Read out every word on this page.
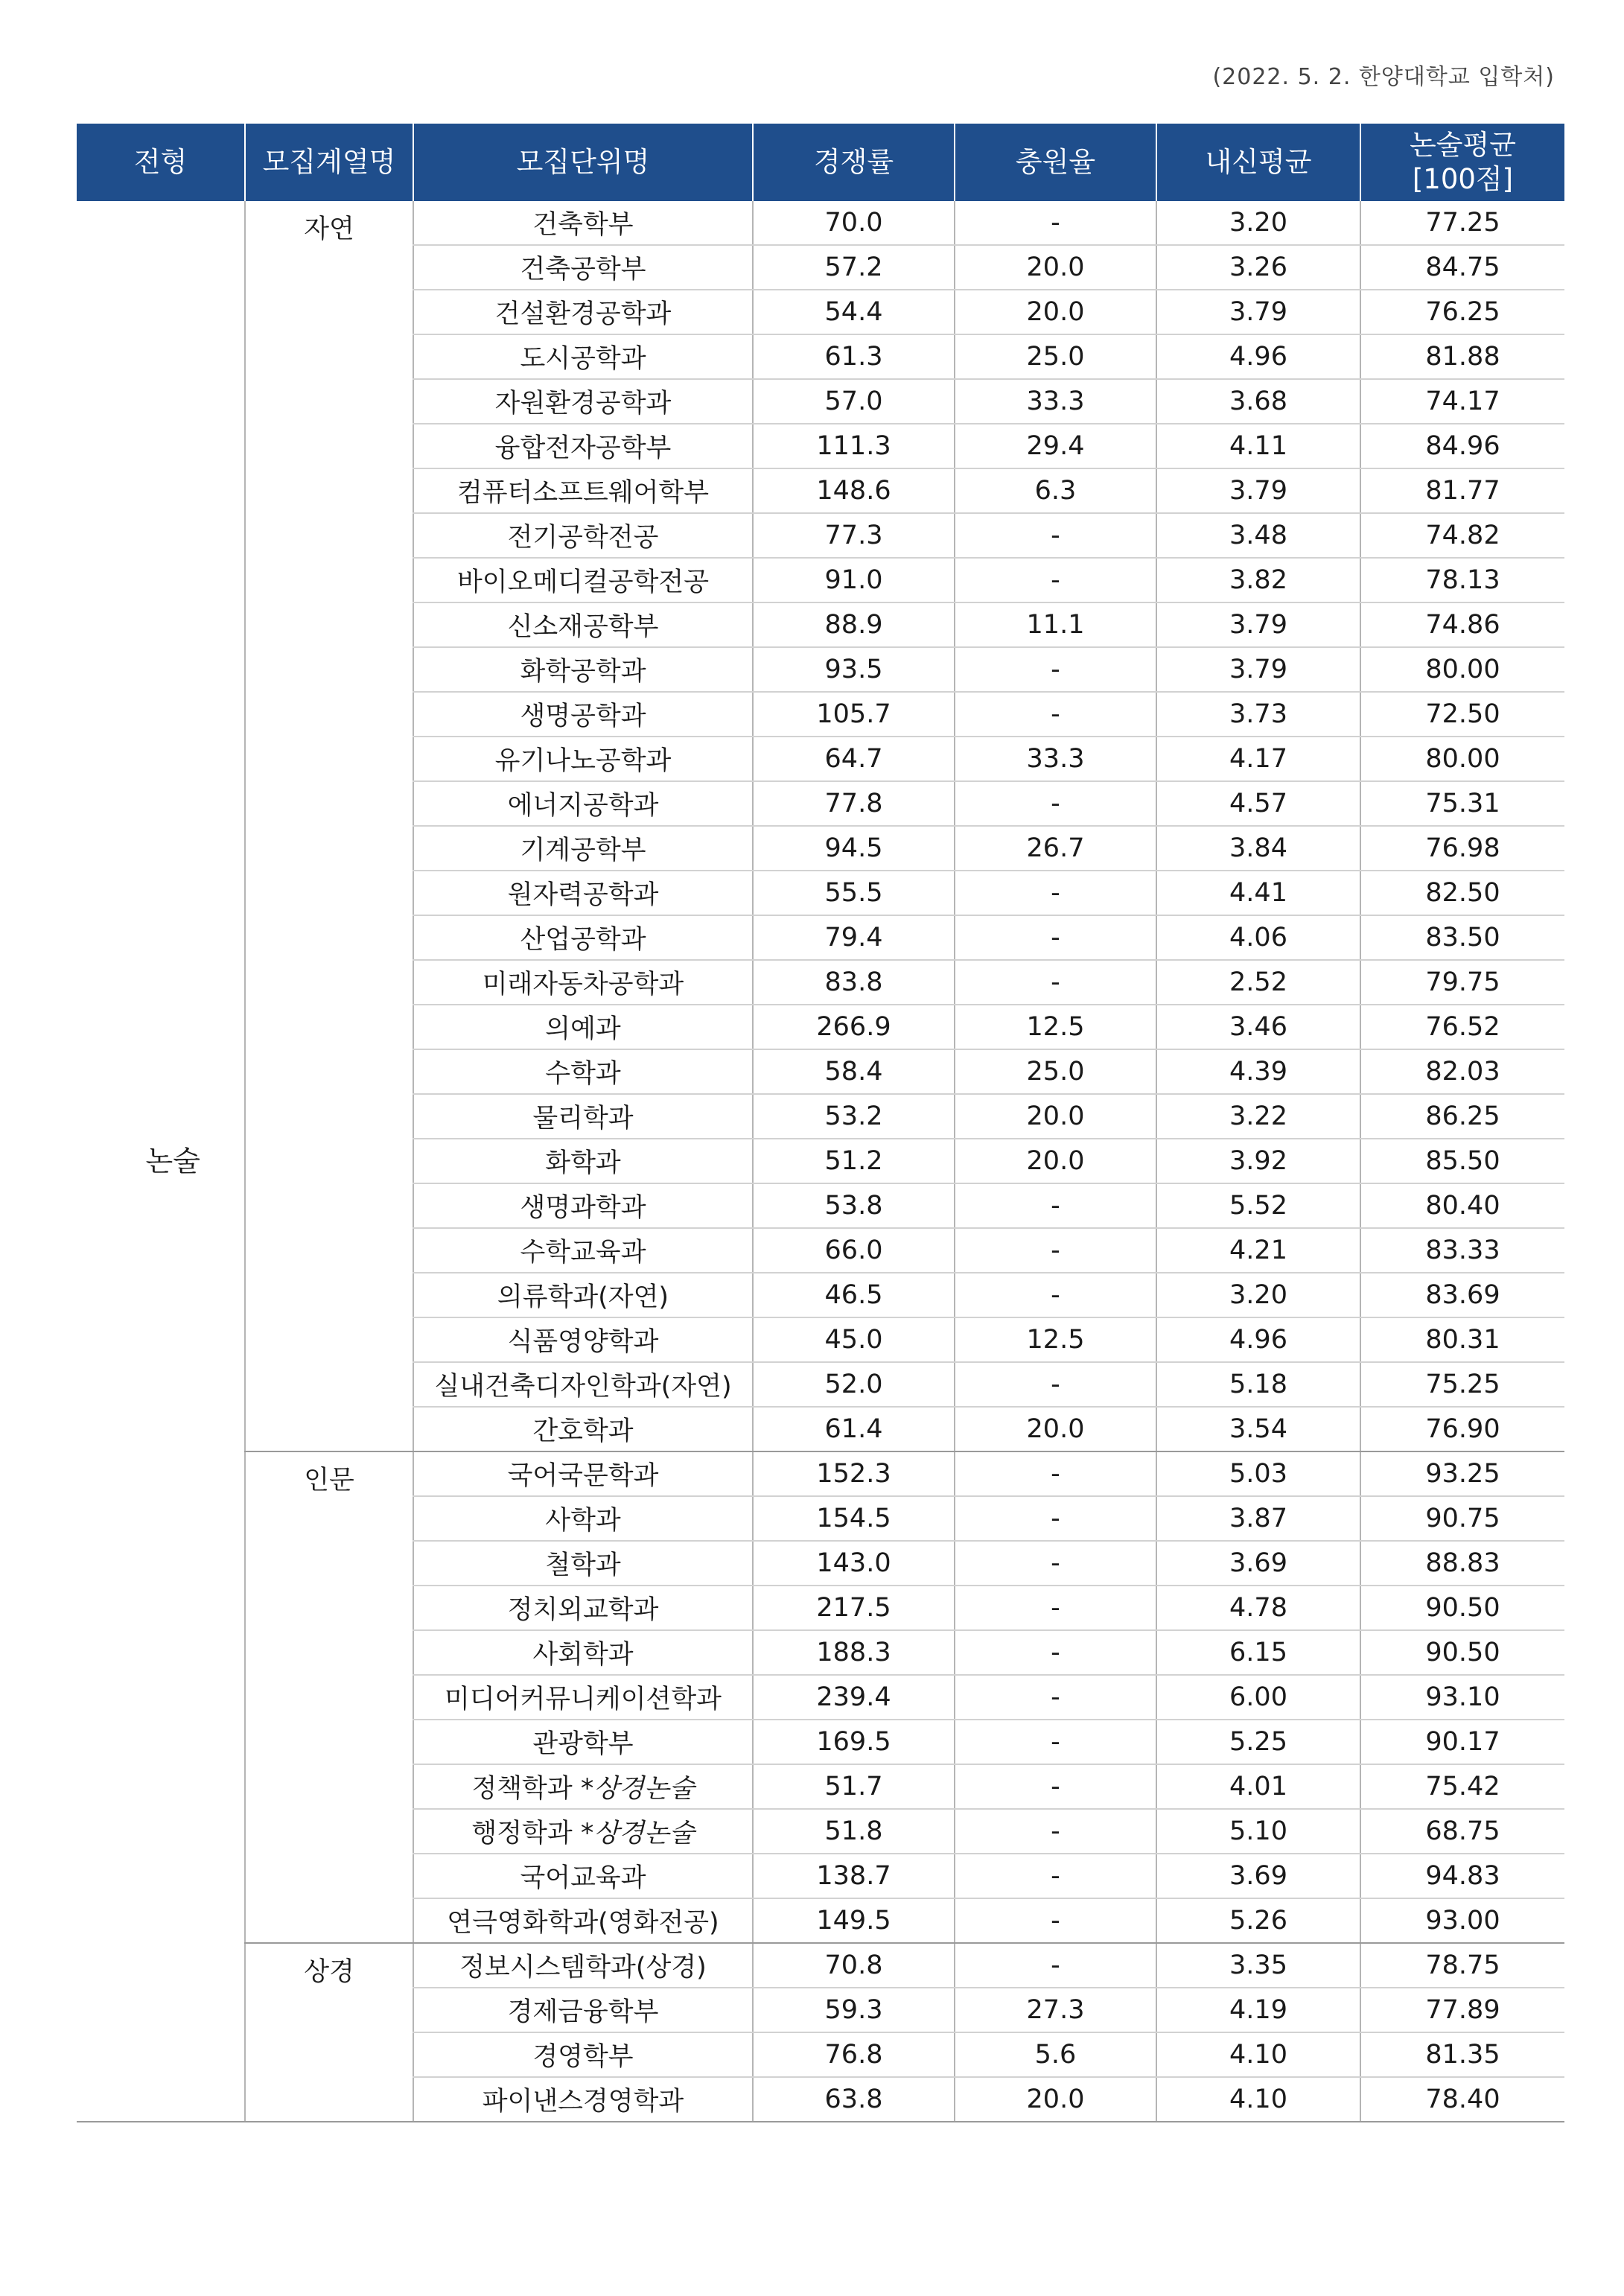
(2022. 5. 2. 한양대학교 입학처)
전형	모집계열명	모집단위명	경쟁률	충원율	내신평균	논술평균
[100점]

논술	자연	건축학부	70.0	-	3.20	77.25
		건축공학부	57.2	20.0	3.26	84.75
		건설환경공학과	54.4	20.0	3.79	76.25
		도시공학과	61.3	25.0	4.96	81.88
		자원환경공학과	57.0	33.3	3.68	74.17
		융합전자공학부	111.3	29.4	4.11	84.96
		컴퓨터소프트웨어학부	148.6	6.3	3.79	81.77
		전기공학전공	77.3	-	3.48	74.82
		바이오메디컬공학전공	91.0	-	3.82	78.13
		신소재공학부	88.9	11.1	3.79	74.86
		화학공학과	93.5	-	3.79	80.00
		생명공학과	105.7	-	3.73	72.50
		유기나노공학과	64.7	33.3	4.17	80.00
		에너지공학과	77.8	-	4.57	75.31
		기계공학부	94.5	26.7	3.84	76.98
		원자력공학과	55.5	-	4.41	82.50
		산업공학과	79.4	-	4.06	83.50
		미래자동차공학과	83.8	-	2.52	79.75
		의예과	266.9	12.5	3.46	76.52
		수학과	58.4	25.0	4.39	82.03
		물리학과	53.2	20.0	3.22	86.25
		화학과	51.2	20.0	3.92	85.50
		생명과학과	53.8	-	5.52	80.40
		수학교육과	66.0	-	4.21	83.33
		의류학과(자연)	46.5	-	3.20	83.69
		식품영양학과	45.0	12.5	4.96	80.31
		실내건축디자인학과(자연)	52.0	-	5.18	75.25
		간호학과	61.4	20.0	3.54	76.90
	인문	국어국문학과	152.3	-	5.03	93.25
		사학과	154.5	-	3.87	90.75
		철학과	143.0	-	3.69	88.83
		정치외교학과	217.5	-	4.78	90.50
		사회학과	188.3	-	6.15	90.50
		미디어커뮤니케이션학과	239.4	-	6.00	93.10
		관광학부	169.5	-	5.25	90.17
		정책학과 *상경논술	51.7	-	4.01	75.42
		행정학과 *상경논술	51.8	-	5.10	68.75
		국어교육과	138.7	-	3.69	94.83
		연극영화학과(영화전공)	149.5	-	5.26	93.00
	상경	정보시스템학과(상경)	70.8	-	3.35	78.75
		경제금융학부	59.3	27.3	4.19	77.89
		경영학부	76.8	5.6	4.10	81.35
		파이낸스경영학과	63.8	20.0	4.10	78.40
